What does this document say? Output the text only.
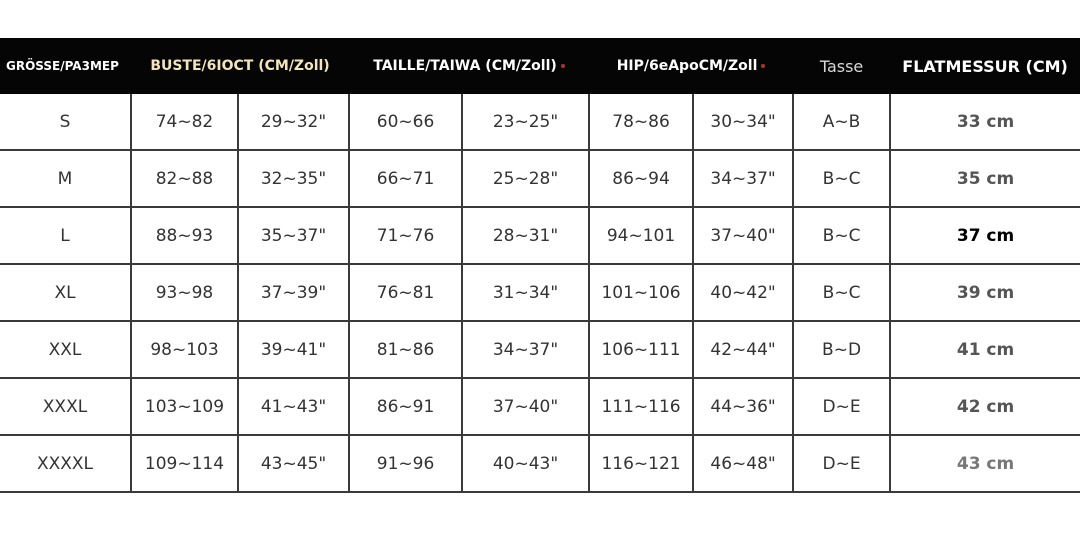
GRÖSSE/PA3MEP	BUSTE/6IOCT (CM/Zoll)		TAILLE/TAIWA (CM/Zoll)		HIP/6eApoCM/Zoll		Tasse	FLATMESSUR (CM)
S	74~82	29~32"	60~66	23~25"	78~86	30~34"	A~B	33 cm
M	82~88	32~35"	66~71	25~28"	86~94	34~37"	B~C	35 cm
L	88~93	35~37"	71~76	28~31"	94~101	37~40"	B~C	37 cm
XL	93~98	37~39"	76~81	31~34"	101~106	40~42"	B~C	39 cm
XXL	98~103	39~41"	81~86	34~37"	106~111	42~44"	B~D	41 cm
XXXL	103~109	41~43"	86~91	37~40"	111~116	44~36"	D~E	42 cm
XXXXL	109~114	43~45"	91~96	40~43"	116~121	46~48"	D~E	43 cm
